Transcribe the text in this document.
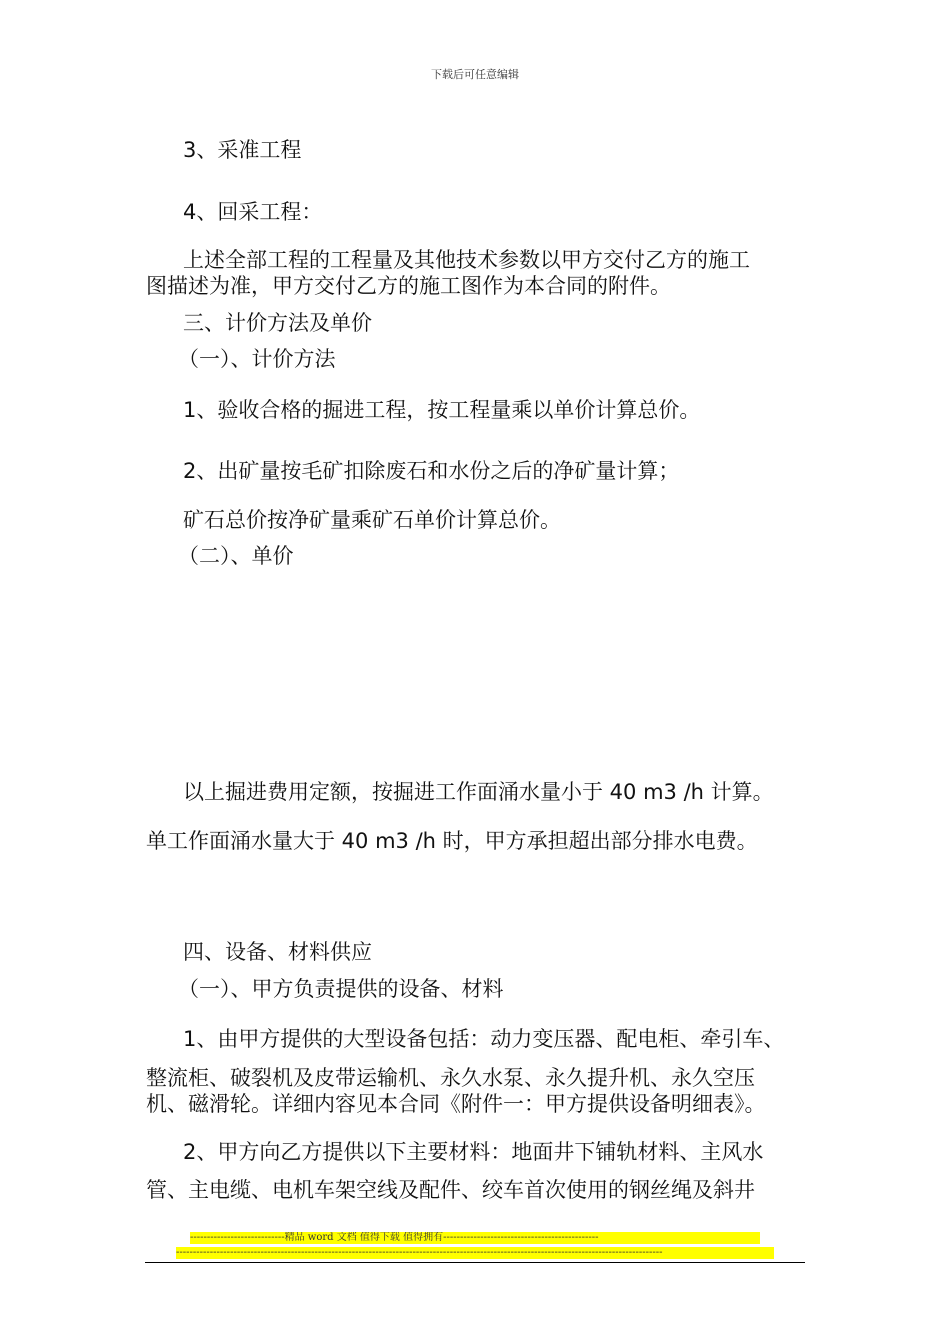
下载后可任意编辑
3、采准工程
4、回采工程：
上述全部工程的工程量及其他技术参数以甲方交付乙方的施工
图描述为准，甲方交付乙方的施工图作为本合同的附件。
三、计价方法及单价
（一）、计价方法
1、验收合格的掘进工程，按工程量乘以单价计算总价。
2、出矿量按毛矿扣除废石和水份之后的净矿量计算；
矿石总价按净矿量乘矿石单价计算总价。
（二）、单价
以上掘进费用定额，按掘进工作面涌水量小于 40 m3 /h 计算。
单工作面涌水量大于 40 m3 /h 时，甲方承担超出部分排水电费。
四、设备、材料供应
（一）、甲方负责提供的设备、材料
1、由甲方提供的大型设备包括：动力变压器、配电柜、牵引车、
整流柜、破裂机及皮带运输机、永久水泵、永久提升机、永久空压
机、磁滑轮。详细内容见本合同《附件一：甲方提供设备明细表》。
2、甲方向乙方提供以下主要材料：地面井下铺轨材料、主风水
管、主电缆、电机车架空线及配件、绞车首次使用的钢丝绳及斜井
----------------------------精品 word 文档 值得下载 值得拥有----------------------------------------------
------------------------------------------------------------------------------------------------------------------------------------------------
